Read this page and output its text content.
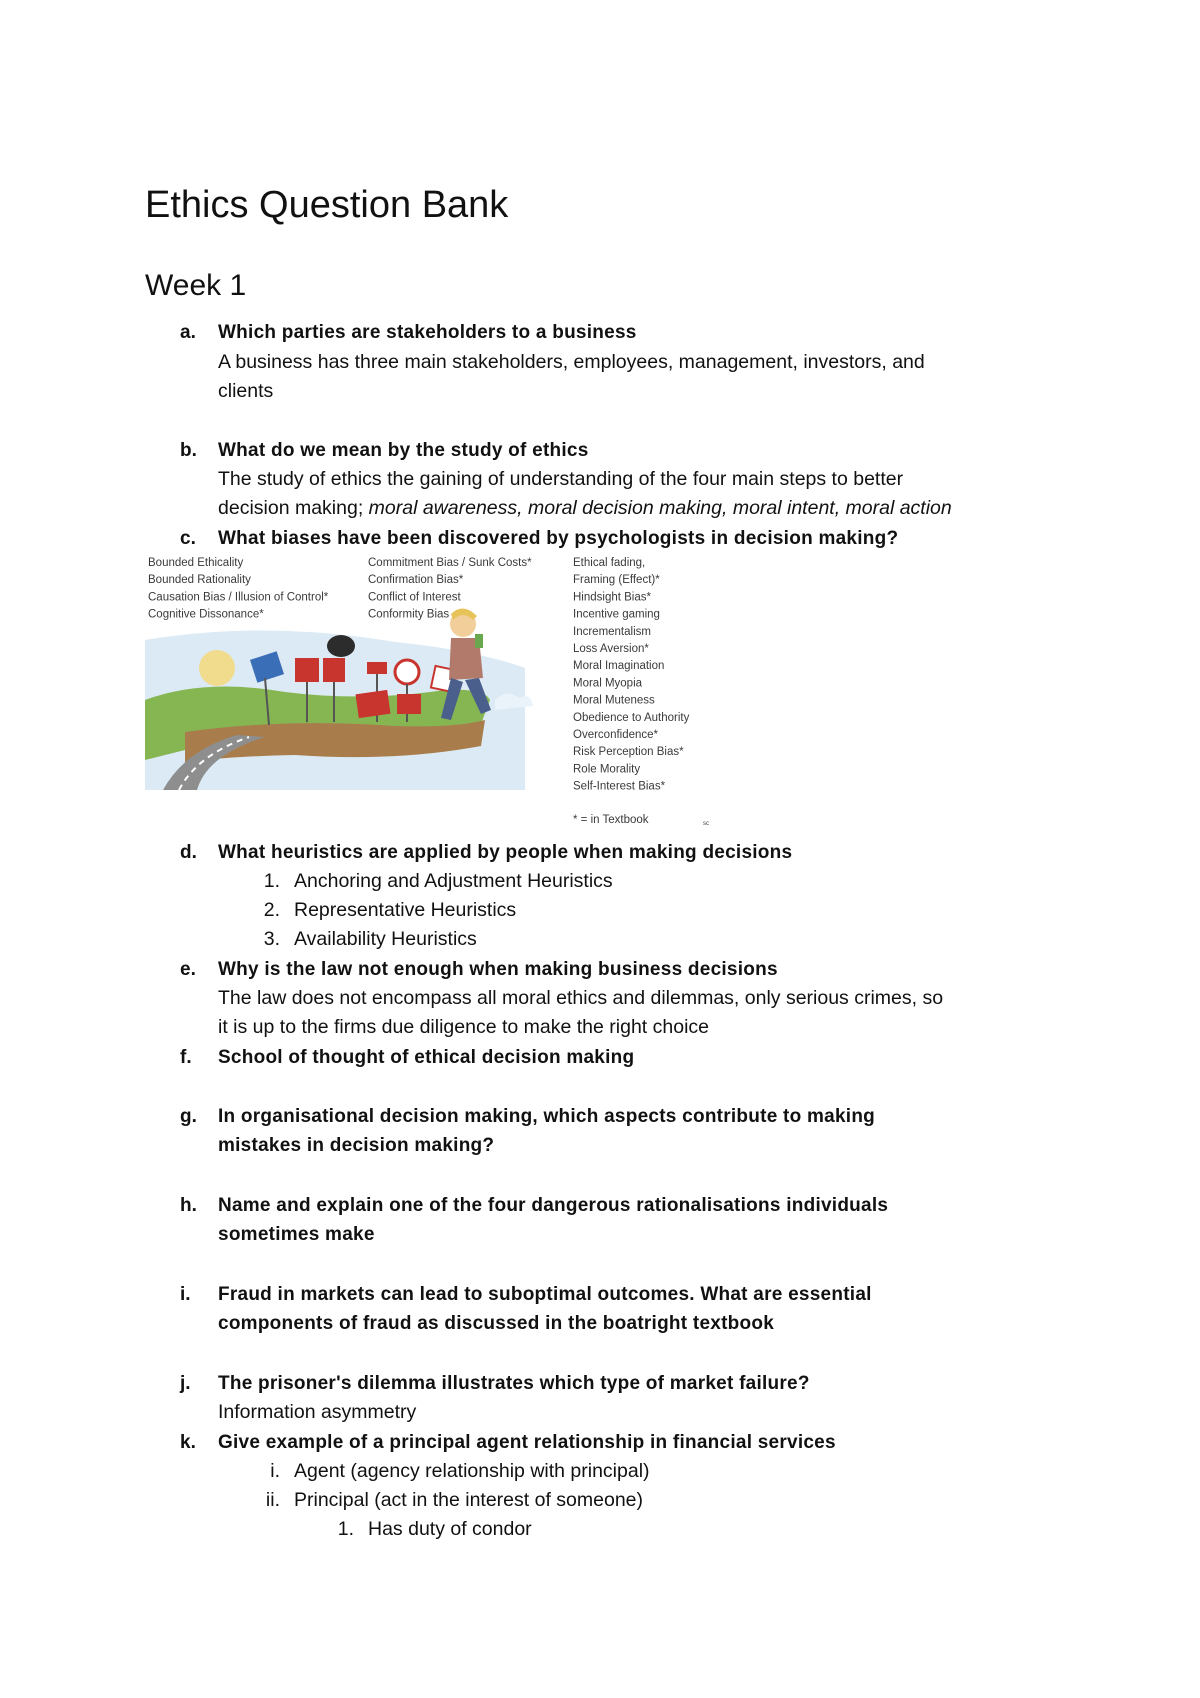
Ethics Question Bank
Week 1
a. Which parties are stakeholders to a business
A business has three main stakeholders, employees, management, investors, and
clients
b. What do we mean by the study of ethics
The study of ethics the gaining of understanding of the four main steps to better
decision making; moral awareness, moral decision making, moral intent, moral action
c. What biases have been discovered by psychologists in decision making?
Bounded Ethicality
Bounded Rationality
Causation Bias / Illusion of Control*
Cognitive Dissonance*
Commitment Bias / Sunk Costs*
Confirmation Bias*
Conflict of Interest
Conformity Bias
Ethical fading,
Framing (Effect)*
Hindsight Bias*
Incentive gaming
Incrementalism
Loss Aversion*
Moral Imagination
Moral Myopia
Moral Muteness
Obedience to Authority
Overconfidence*
Risk Perception Bias*
Role Morality
Self-Interest Bias*
* = in Textbook	sc
d. What heuristics are applied by people when making decisions
1. Anchoring and Adjustment Heuristics
2. Representative Heuristics
3. Availability Heuristics
e. Why is the law not enough when making business decisions
The law does not encompass all moral ethics and dilemmas, only serious crimes, so
it is up to the firms due diligence to make the right choice
f. School of thought of ethical decision making
g. In organisational decision making, which aspects contribute to making
mistakes in decision making?
h. Name and explain one of the four dangerous rationalisations individuals
sometimes make
i. Fraud in markets can lead to suboptimal outcomes. What are essential
components of fraud as discussed in the boatright textbook
j. The prisoner's dilemma illustrates which type of market failure?
Information asymmetry
k. Give example of a principal agent relationship in financial services
i. Agent (agency relationship with principal)
ii. Principal (act in the interest of someone)
1. Has duty of condor
